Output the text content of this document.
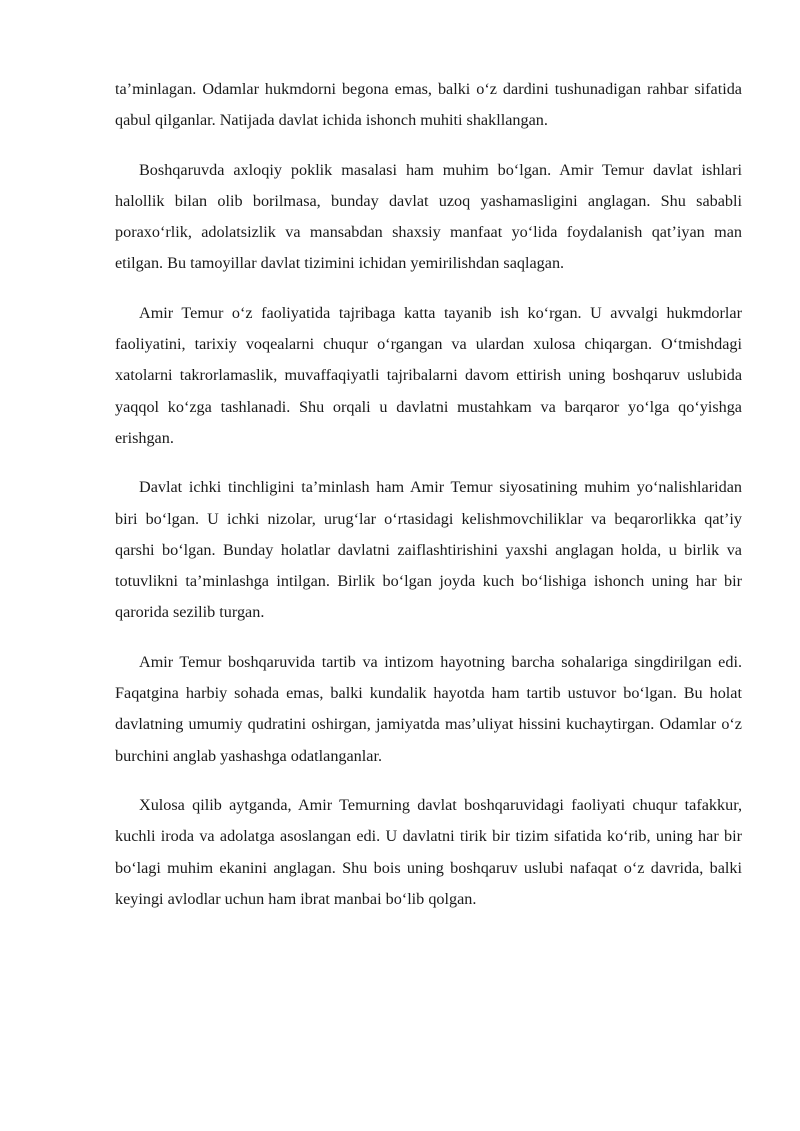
ta’minlagan. Odamlar hukmdorni begona emas, balki o‘z dardini tushunadigan rahbar sifatida qabul qilganlar. Natijada davlat ichida ishonch muhiti shakllangan.

Boshqaruvda axloqiy poklik masalasi ham muhim bo‘lgan. Amir Temur davlat ishlari halollik bilan olib borilmasa, bunday davlat uzoq yashamasligini anglagan. Shu sababli poraxo‘rlik, adolatsizlik va mansabdan shaxsiy manfaat yo‘lida foydalanish qat’iyan man etilgan. Bu tamoyillar davlat tizimini ichidan yemirilishdan saqlagan.

Amir Temur o‘z faoliyatida tajribaga katta tayanib ish ko‘rgan. U avvalgi hukmdorlar faoliyatini, tarixiy voqealarni chuqur o‘rgangan va ulardan xulosa chiqargan. O‘tmishdagi xatolarni takrorlamaslik, muvaffaqiyatli tajribalarni davom ettirish uning boshqaruv uslubida yaqqol ko‘zga tashlanadi. Shu orqali u davlatni mustahkam va barqaror yo‘lga qo‘yishga erishgan.

Davlat ichki tinchligini ta’minlash ham Amir Temur siyosatining muhim yo‘nalishlaridan biri bo‘lgan. U ichki nizolar, urug‘lar o‘rtasidagi kelishmovchiliklar va beqarorlikka qat’iy qarshi bo‘lgan. Bunday holatlar davlatni zaiflashtirishini yaxshi anglagan holda, u birlik va totuvlikni ta’minlashga intilgan. Birlik bo‘lgan joyda kuch bo‘lishiga ishonch uning har bir qarorida sezilib turgan.

Amir Temur boshqaruvida tartib va intizom hayotning barcha sohalariga singdirilgan edi. Faqatgina harbiy sohada emas, balki kundalik hayotda ham tartib ustuvor bo‘lgan. Bu holat davlatning umumiy qudratini oshirgan, jamiyatda mas’uliyat hissini kuchaytirgan. Odamlar o‘z burchini anglab yashashga odatlanganlar.

Xulosa qilib aytganda, Amir Temurning davlat boshqaruvidagi faoliyati chuqur tafakkur, kuchli iroda va adolatga asoslangan edi. U davlatni tirik bir tizim sifatida ko‘rib, uning har bir bo‘lagi muhim ekanini anglagan. Shu bois uning boshqaruv uslubi nafaqat o‘z davrida, balki keyingi avlodlar uchun ham ibrat manbai bo‘lib qolgan.
